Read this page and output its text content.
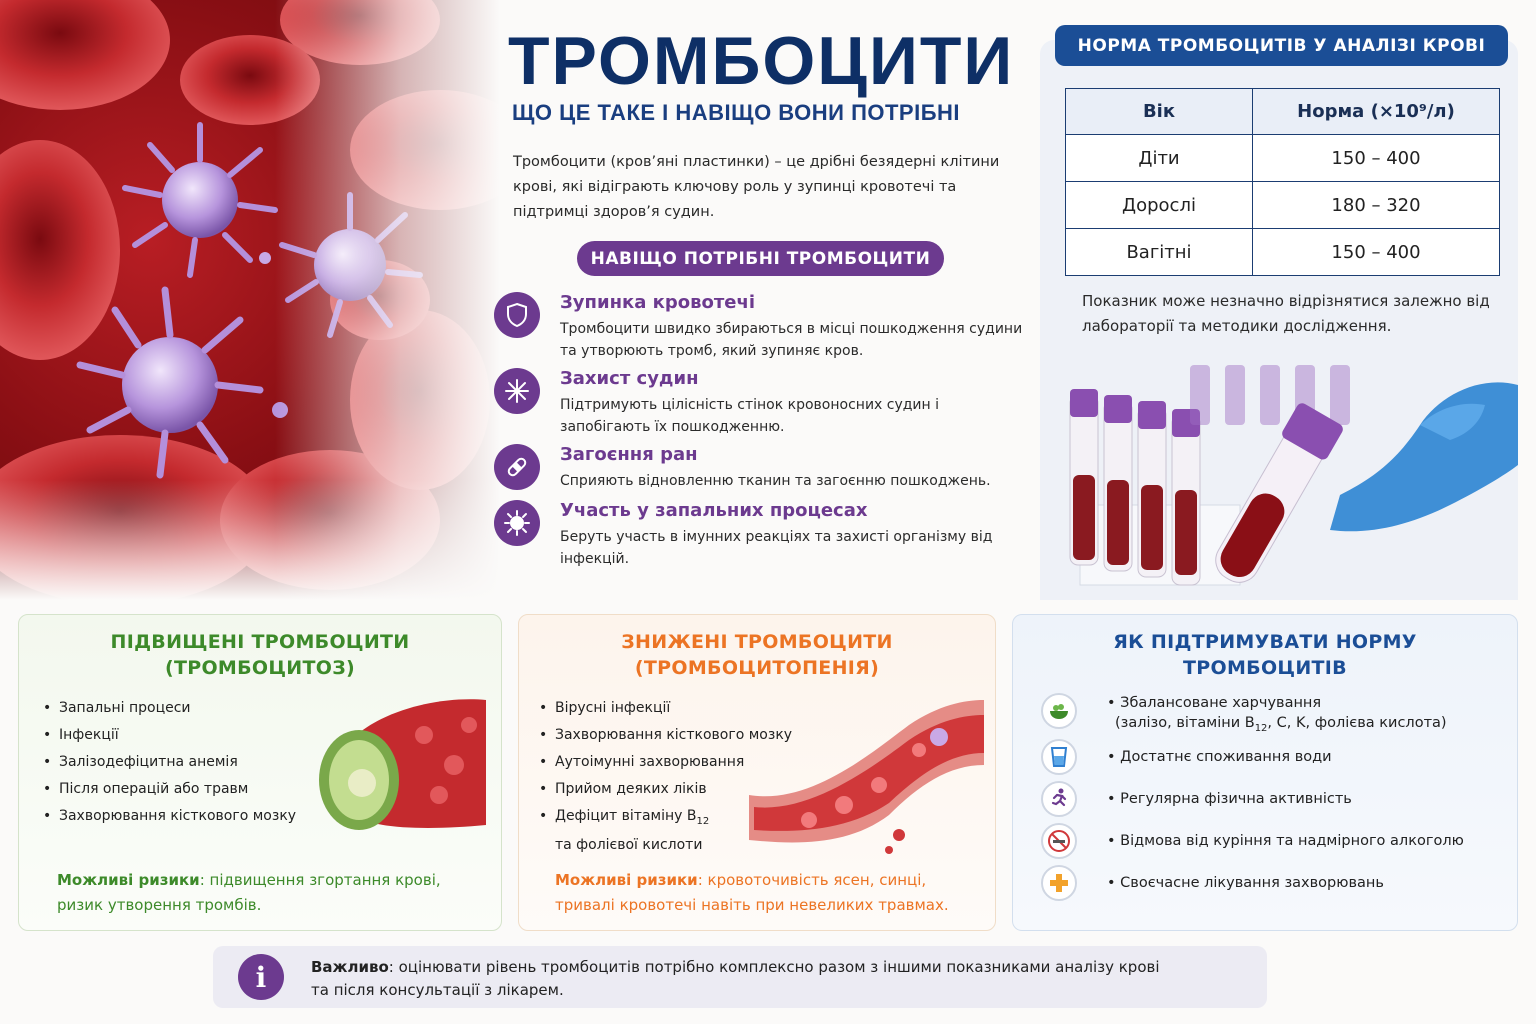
ТРОМБОЦИТИ
ЩО ЦЕ ТАКЕ І НАВІЩО ВОНИ ПОТРІБНІ
Тромбоцити (кров’яні пластинки) – це дрібні безядерні клітини крові, які відіграють ключову роль у зупинці кровотечі та підтримці здоров’я судин.
НАВІЩО ПОТРІБНІ ТРОМБОЦИТИ
Зупинка кровотечі
Тромбоцити швидко збираються в місці пошкодження судини та утворюють тромб, який зупиняє кров.
Захист судин
Підтримують цілісність стінок кровоносних судин і запобігають їх пошкодженню.
Загоєння ран
Сприяють відновленню тканин та загоєнню пошкоджень.
Участь у запальних процесах
Беруть участь в імунних реакціях та захисті організму від інфекцій.
НОРМА ТРОМБОЦИТІВ У АНАЛІЗІ КРОВІ
Вік	Норма (×10⁹/л)
Діти	150 – 400
Дорослі	180 – 320
Вагітні	150 – 400
Показник може незначно відрізнятися залежно від лабораторії та методики дослідження.
ПІДВИЩЕНІ ТРОМБОЦИТИ
(ТРОМБОЦИТОЗ)
• Запальні процеси
• Інфекції
• Залізодефіцитна анемія
• Після операцій або травм
• Захворювання кісткового мозку
Можливі ризики: підвищення згортання крові,
ризик утворення тромбів.
ЗНИЖЕНІ ТРОМБОЦИТИ
(ТРОМБОЦИТОПЕНІЯ)
• Вірусні інфекції
• Захворювання кісткового мозку
• Аутоімунні захворювання
• Прийом деяких ліків
• Дефіцит вітаміну $B_{12}$
та фолієвої кислоти
Можливі ризики: кровоточивість ясен, синці,
тривалі кровотечі навіть при невеликих травмах.
ЯК ПІДТРИМУВАТИ НОРМУ
ТРОМБОЦИТІВ
• Збалансоване харчування
(залізо, вітаміни $B_{12}$, C, K, фолієва кислота)
• Достатнє споживання води
• Регулярна фізична активність
• Відмова від куріння та надмірного алкоголю
• Своєчасне лікування захворювань
i	Важливо: оцінювати рівень тромбоцитів потрібно комплексно разом з іншими показниками аналізу крові
та після консультації з лікарем.
